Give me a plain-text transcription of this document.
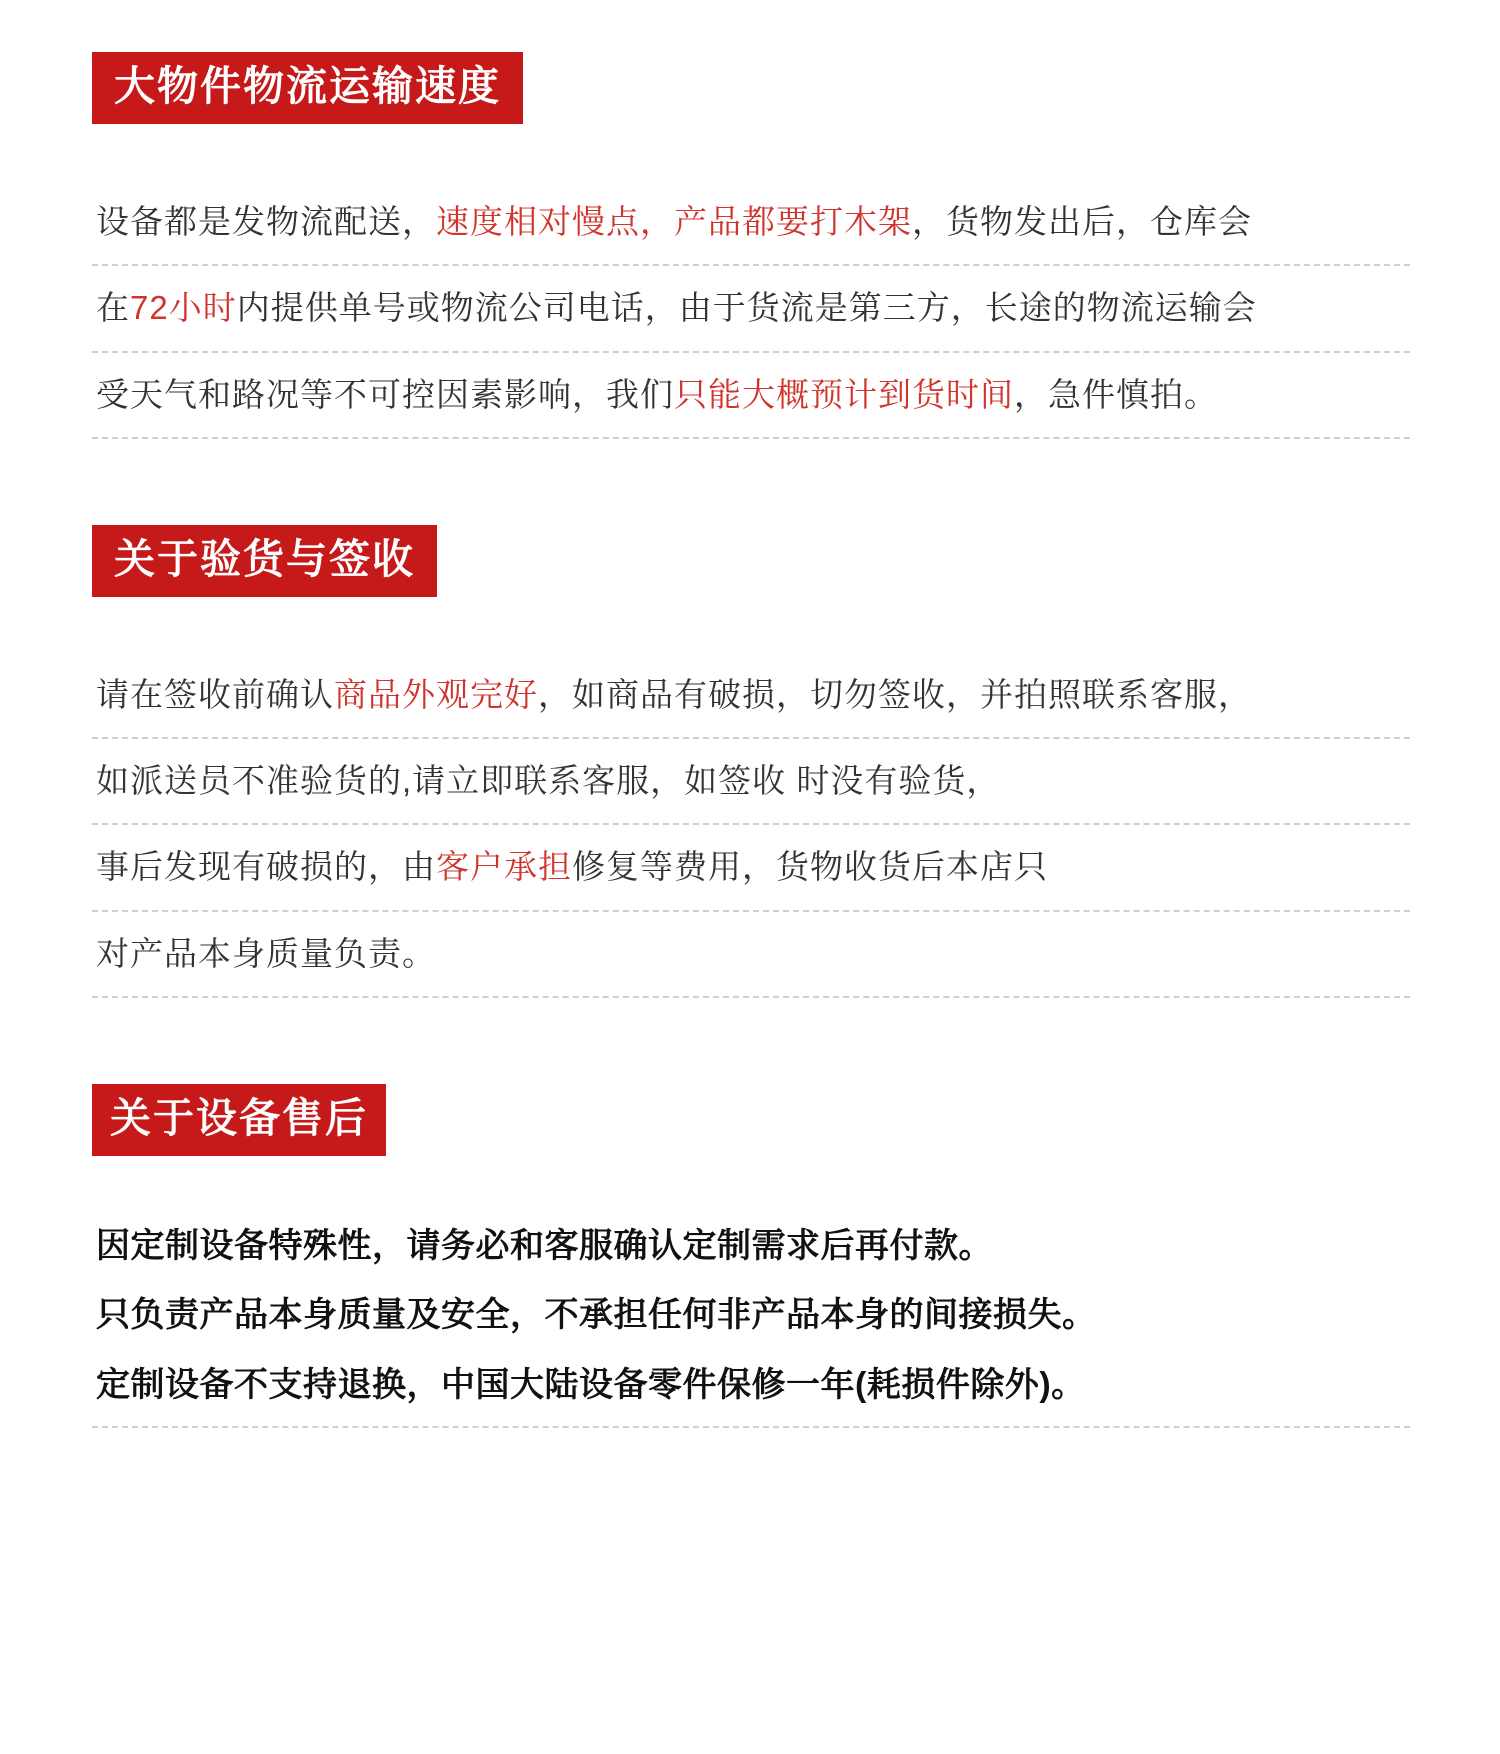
大物件物流运输速度
设备都是发物流配送，速度相对慢点，产品都要打木架，货物发出后，仓库会
在72小时内提供单号或物流公司电话，由于货流是第三方，长途的物流运输会
受天气和路况等不可控因素影响，我们只能大概预计到货时间，急件慎拍。
关于验货与签收
请在签收前确认商品外观完好，如商品有破损，切勿签收，并拍照联系客服，
如派送员不准验货的,请立即联系客服，如签收 时没有验货，
事后发现有破损的，由客户承担修复等费用，货物收货后本店只
对产品本身质量负责。
关于设备售后
因定制设备特殊性，请务必和客服确认定制需求后再付款。
只负责产品本身质量及安全，不承担任何非产品本身的间接损失。
定制设备不支持退换，中国大陆设备零件保修一年(耗损件除外)。
